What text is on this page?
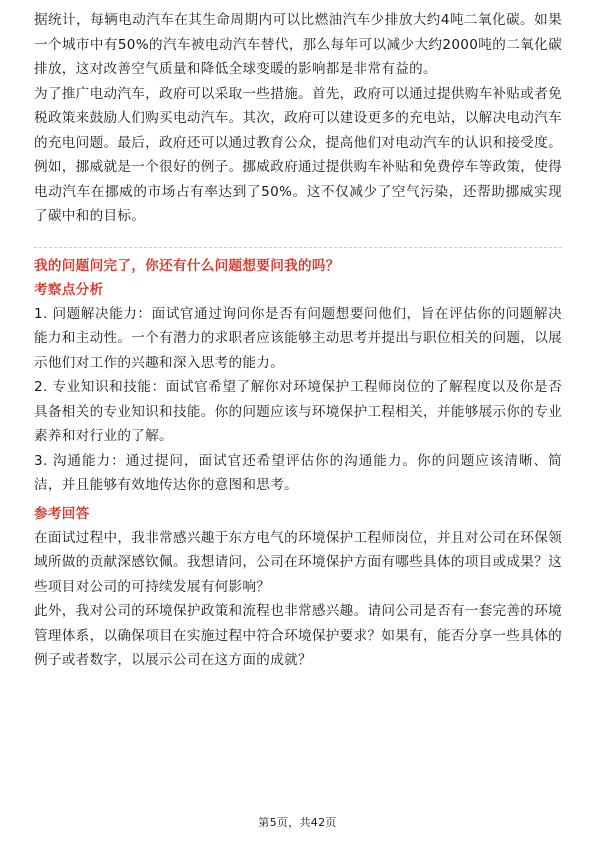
据统计，每辆电动汽车在其生命周期内可以比燃油汽车少排放大约4吨二氧化碳。如果一个城市中有50%的汽车被电动汽车替代，那么每年可以减少大约2000吨的二氧化碳排放，这对改善空气质量和降低全球变暖的影响都是非常有益的。

为了推广电动汽车，政府可以采取一些措施。首先，政府可以通过提供购车补贴或者免税政策来鼓励人们购买电动汽车。其次，政府可以建设更多的充电站，以解决电动汽车的充电问题。最后，政府还可以通过教育公众，提高他们对电动汽车的认识和接受度。

例如，挪威就是一个很好的例子。挪威政府通过提供购车补贴和免费停车等政策，使得电动汽车在挪威的市场占有率达到了50%。这不仅减少了空气污染，还帮助挪威实现了碳中和的目标。

我的问题问完了，你还有什么问题想要问我的吗？

考察点分析

1. 问题解决能力：面试官通过询问你是否有问题想要问他们，旨在评估你的问题解决能力和主动性。一个有潜力的求职者应该能够主动思考并提出与职位相关的问题，以展示他们对工作的兴趣和深入思考的能力。

2. 专业知识和技能：面试官希望了解你对环境保护工程师岗位的了解程度以及你是否具备相关的专业知识和技能。你的问题应该与环境保护工程相关，并能够展示你的专业素养和对行业的了解。

3. 沟通能力：通过提问，面试官还希望评估你的沟通能力。你的问题应该清晰、简洁，并且能够有效地传达你的意图和思考。

参考回答

在面试过程中，我非常感兴趣于东方电气的环境保护工程师岗位，并且对公司在环保领域所做的贡献深感钦佩。我想请问，公司在环境保护方面有哪些具体的项目或成果？这些项目对公司的可持续发展有何影响？

此外，我对公司的环境保护政策和流程也非常感兴趣。请问公司是否有一套完善的环境管理体系，以确保项目在实施过程中符合环境保护要求？如果有，能否分享一些具体的例子或者数字，以展示公司在这方面的成就？

第5页，共42页
